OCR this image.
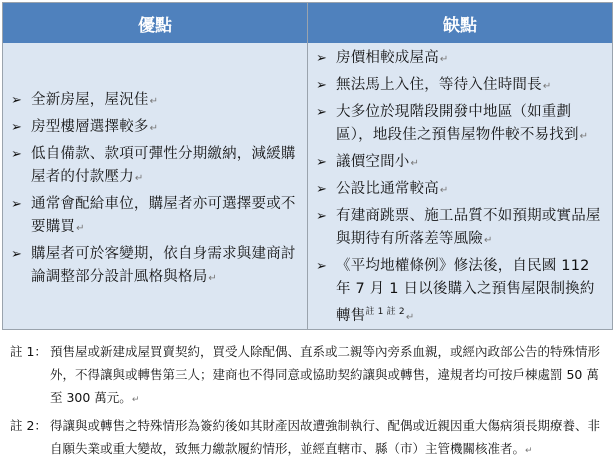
優點	缺點
➢ 全新房屋，屋況佳↵
➢ 房型樓層選擇較多↵
➢ 低自備款、款項可彈性分期繳納，減緩購屋者的付款壓力↵
➢ 通常會配給車位，購屋者亦可選擇要或不要購買↵
➢ 購屋者可於客變期，依自身需求與建商討論調整部分設計風格與格局↵
➢ 房價相較成屋高↵
➢ 無法馬上入住，等待入住時間長↵
➢ 大多位於現階段開發中地區（如重劃區），地段佳之預售屋物件較不易找到↵
➢ 議價空間小↵
➢ 公設比通常較高↵
➢ 有建商跳票、施工品質不如預期或實品屋與期待有所落差等風險↵
➢ 《平均地權條例》修法後，自民國 112 年 7 月 1 日以後購入之預售屋限制換約轉售$^{註 1 註 2}$↵
註 1： 預售屋或新建成屋買賣契約，買受人除配偶、直系或二親等內旁系血親，或經內政部公告的特殊情形外，不得讓與或轉售第三人；建商也不得同意或協助契約讓與或轉售，違規者均可按戶棟處罰 50 萬至 300 萬元。↵
註 2： 得讓與或轉售之特殊情形為簽約後如其財產因故遭強制執行、配偶或近親因重大傷病須長期療養、非自願失業或重大變故，致無力繳款履約情形，並經直轄市、縣（市）主管機關核准者。↵
